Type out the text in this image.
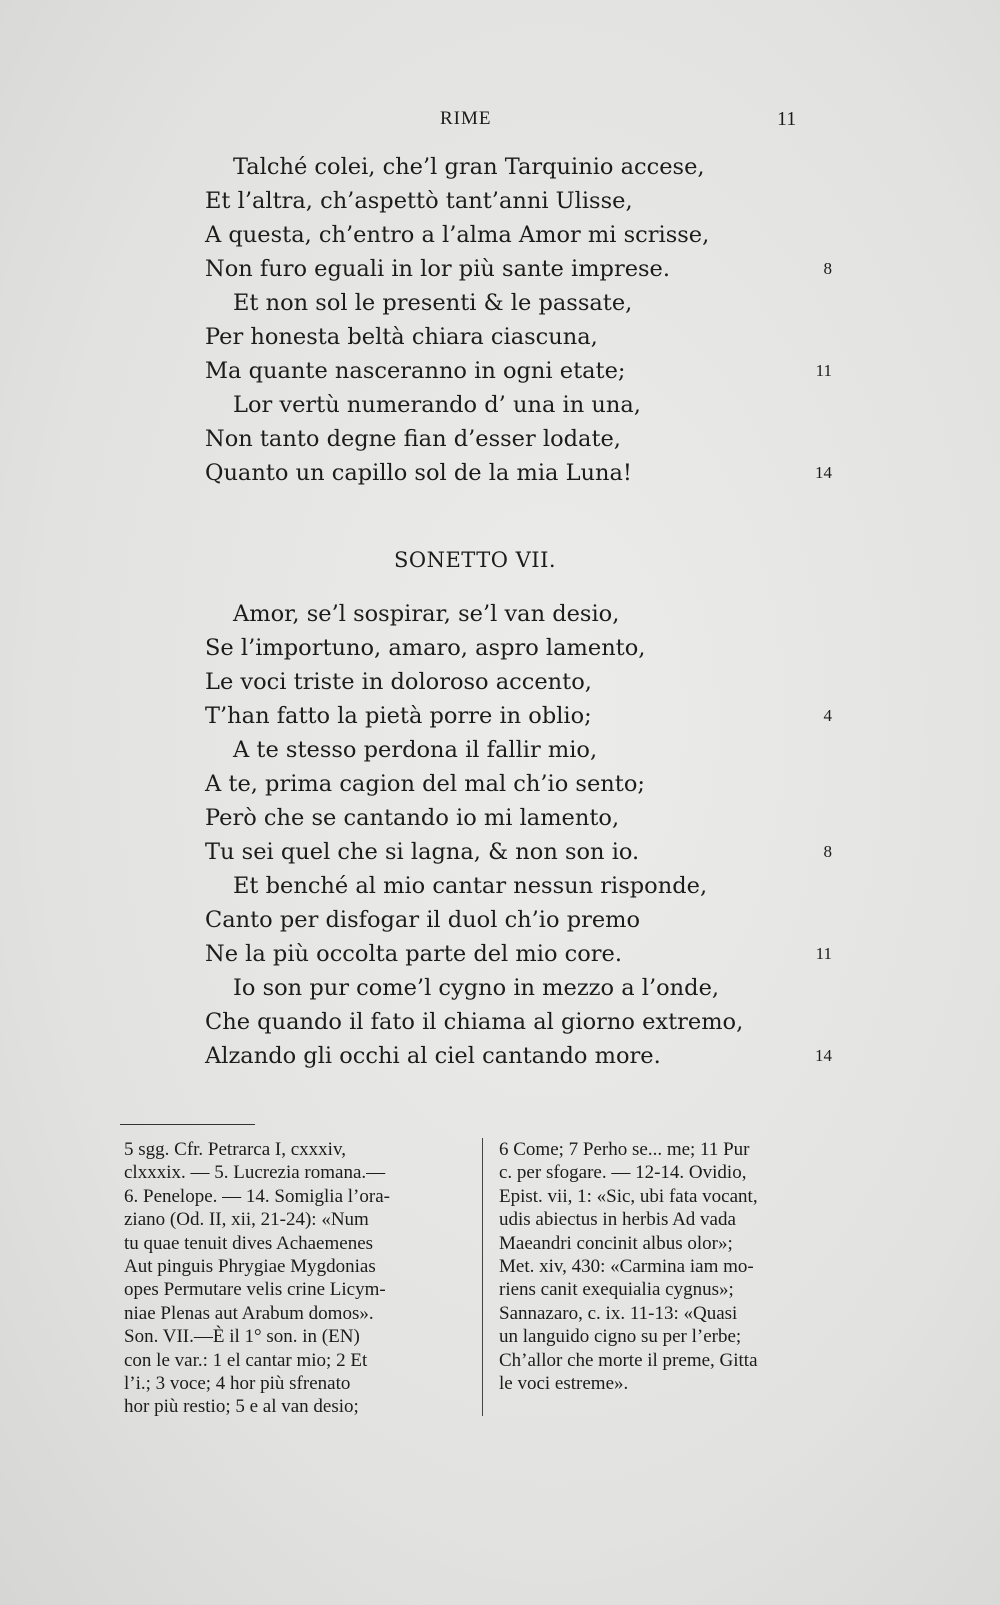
RIME	11
Talché colei, che’l gran Tarquinio accese,
Et l’altra, ch’aspettò tant’anni Ulisse,
A questa, ch’entro a l’alma Amor mi scrisse,
Non furo eguali in lor più sante imprese.	8
Et non sol le presenti & le passate,
Per honesta beltà chiara ciascuna,
Ma quante nasceranno in ogni etate;	11
Lor vertù numerando d’ una in una,
Non tanto degne fian d’esser lodate,
Quanto un capillo sol de la mia Luna!	14
Amor, se’l sospirar, se’l van desio,
Se l’importuno, amaro, aspro lamento,
Le voci triste in doloroso accento,
T’han fatto la pietà porre in oblio;	4
A te stesso perdona il fallir mio,
A te, prima cagion del mal ch’io sento;
Però che se cantando io mi lamento,
Tu sei quel che si lagna, & non son io.	8
Et benché al mio cantar nessun risponde,
Canto per disfogar il duol ch’io premo
Ne la più occolta parte del mio core.	11
Io son pur come’l cygno in mezzo a l’onde,
Che quando il fato il chiama al giorno extremo,
Alzando gli occhi al ciel cantando more.	14
SONETTO VII.
5 sgg. Cfr. Petrarca I, cxxxiv,
clxxxix. — 5. Lucrezia romana.—
6. Penelope. — 14. Somiglia l’ora-
ziano (Od. II, xii, 21-24): «Num
tu quae tenuit dives Achaemenes
Aut pinguis Phrygiae Mygdonias
opes Permutare velis crine Licym-
niae Plenas aut Arabum domos».
Son. VII.—È il 1° son. in (EN)
con le var.: 1 el cantar mio; 2 Et
l’i.; 3 voce; 4 hor più sfrenato
hor più restio; 5 e al van desio;
6 Come; 7 Perho se... me; 11 Pur
c. per sfogare. — 12-14. Ovidio,
Epist. vii, 1: «Sic, ubi fata vocant,
udis abiectus in herbis Ad vada
Maeandri concinit albus olor»;
Met. xiv, 430: «Carmina iam mo-
riens canit exequialia cygnus»;
Sannazaro, c. ix. 11-13: «Quasi
un languido cigno su per l’erbe;
Ch’allor che morte il preme, Gitta
le voci estreme».
